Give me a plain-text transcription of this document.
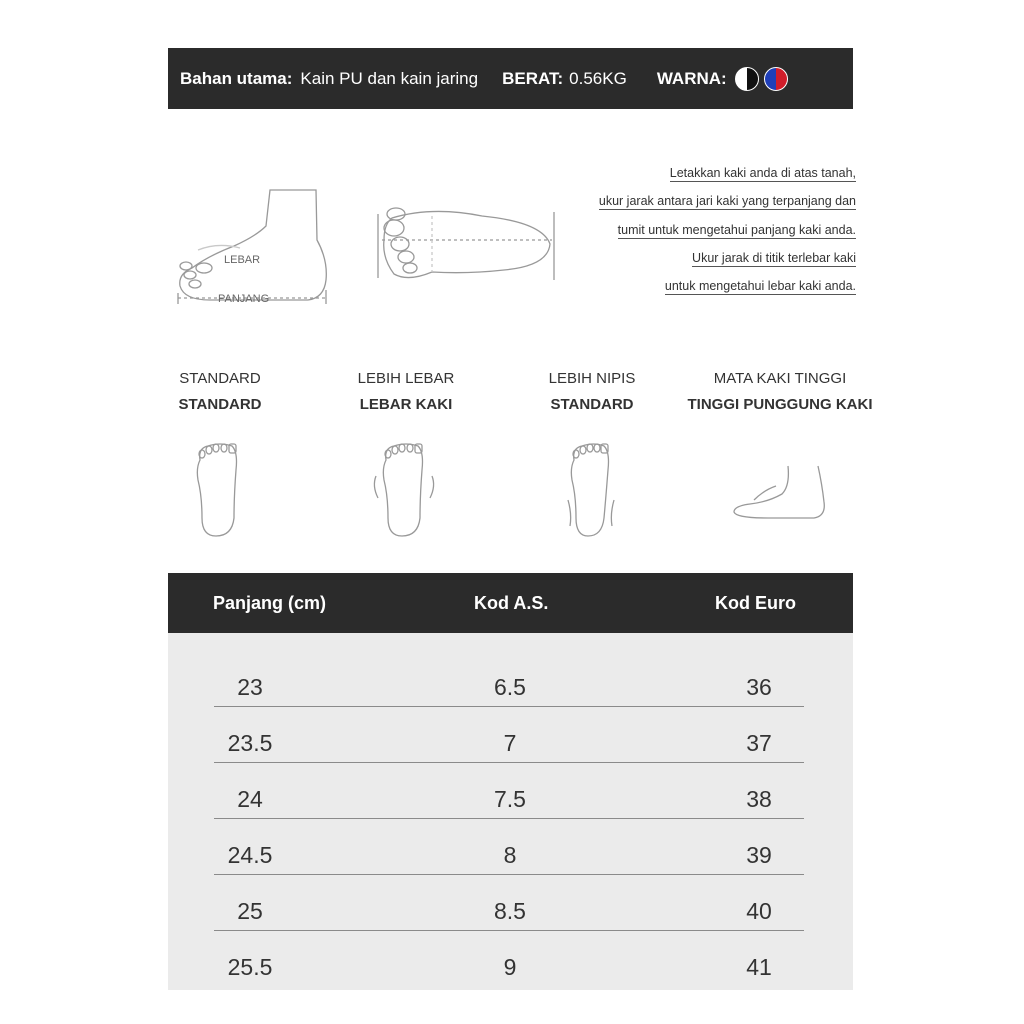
Bahan utama: Kain PU dan kain jaring BERAT: 0.56KG WARNA:
LEBAR
PANJANG
Letakkan kaki anda di atas tanah,
ukur jarak antara jari kaki yang terpanjang dan
tumit untuk mengetahui panjang kaki anda.
Ukur jarak di titik terlebar kaki
untuk mengetahui lebar kaki anda.
STANDARD
STANDARD
LEBIH LEBAR
LEBAR KAKI
LEBIH NIPIS
STANDARD
MATA KAKI TINGGI
TINGGI PUNGGUNG KAKI
Panjang (cm)	Kod A.S.	Kod Euro
23	6.5	36
23.5	7	37
24	7.5	38
24.5	8	39
25	8.5	40
25.5	9	41
